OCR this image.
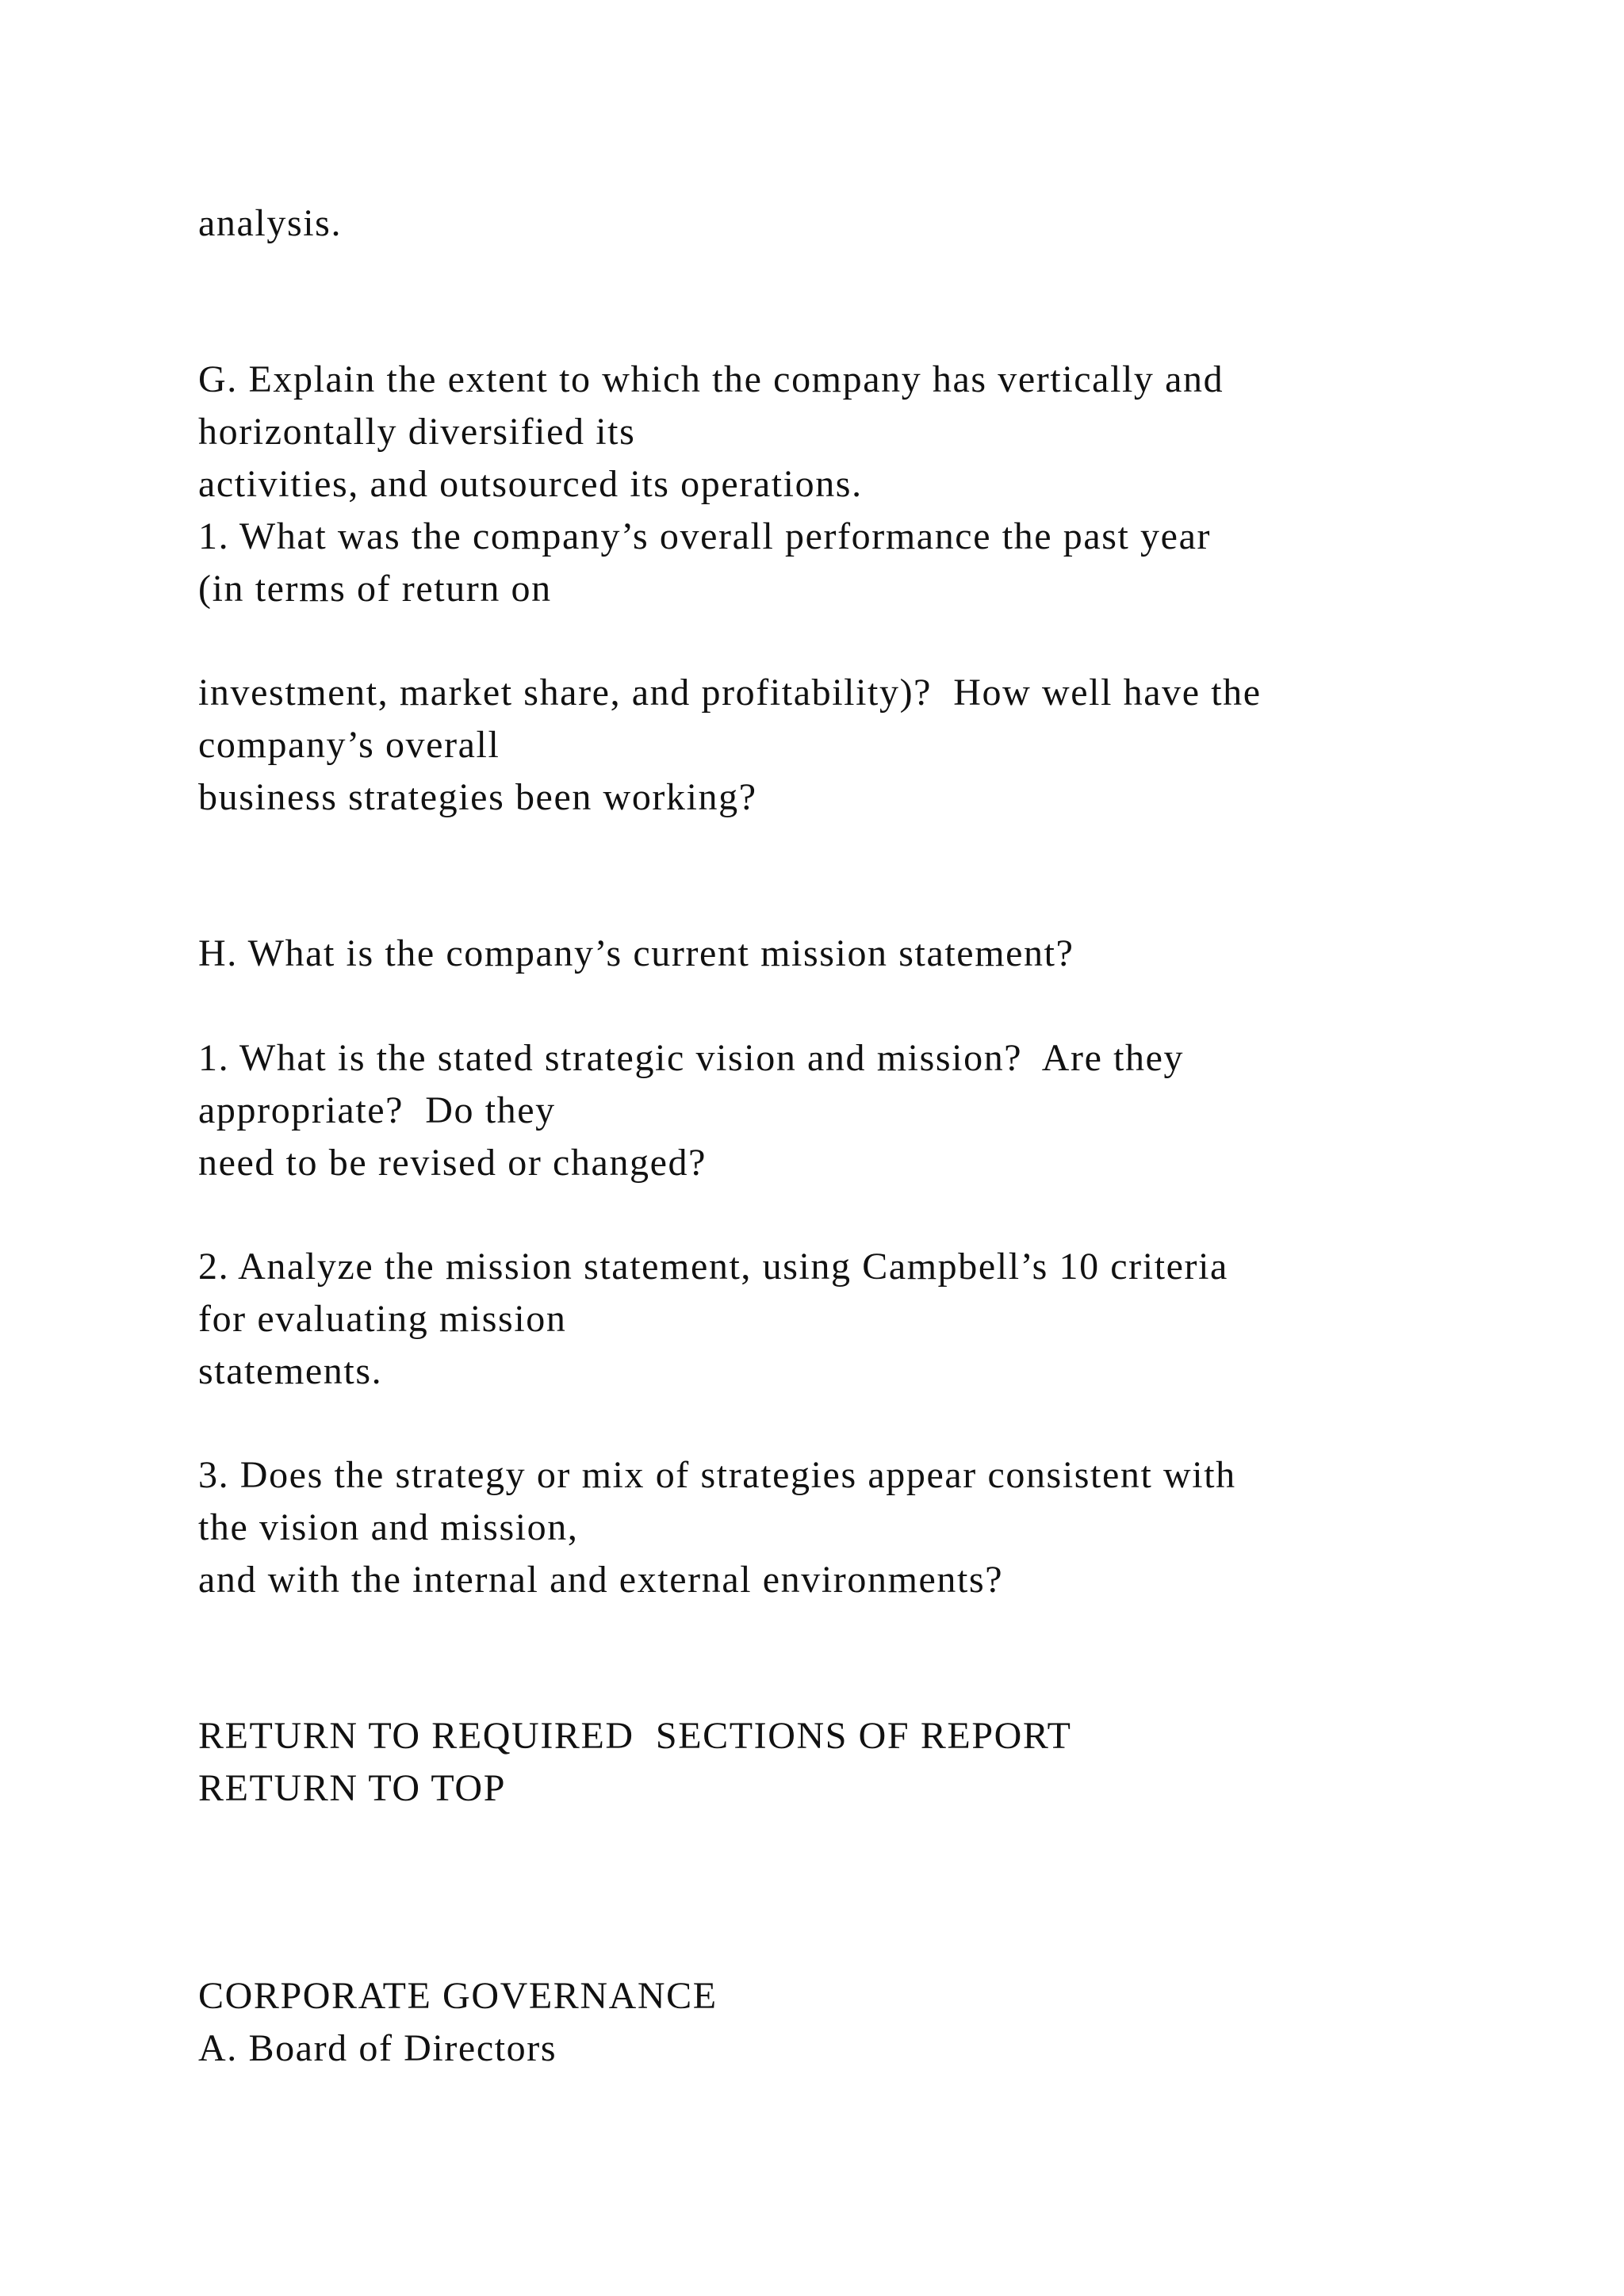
analysis.
G. Explain the extent to which the company has vertically and
horizontally diversified its
activities, and outsourced its operations.
1. What was the company’s overall performance the past year
(in terms of return on
investment, market share, and profitability)?  How well have the
company’s overall
business strategies been working?
H. What is the company’s current mission statement?
1. What is the stated strategic vision and mission?  Are they
appropriate?  Do they
need to be revised or changed?
2. Analyze the mission statement, using Campbell’s 10 criteria
for evaluating mission
statements.
3. Does the strategy or mix of strategies appear consistent with
the vision and mission,
and with the internal and external environments?
RETURN TO REQUIRED  SECTIONS OF REPORT
RETURN TO TOP
CORPORATE GOVERNANCE
A. Board of Directors
